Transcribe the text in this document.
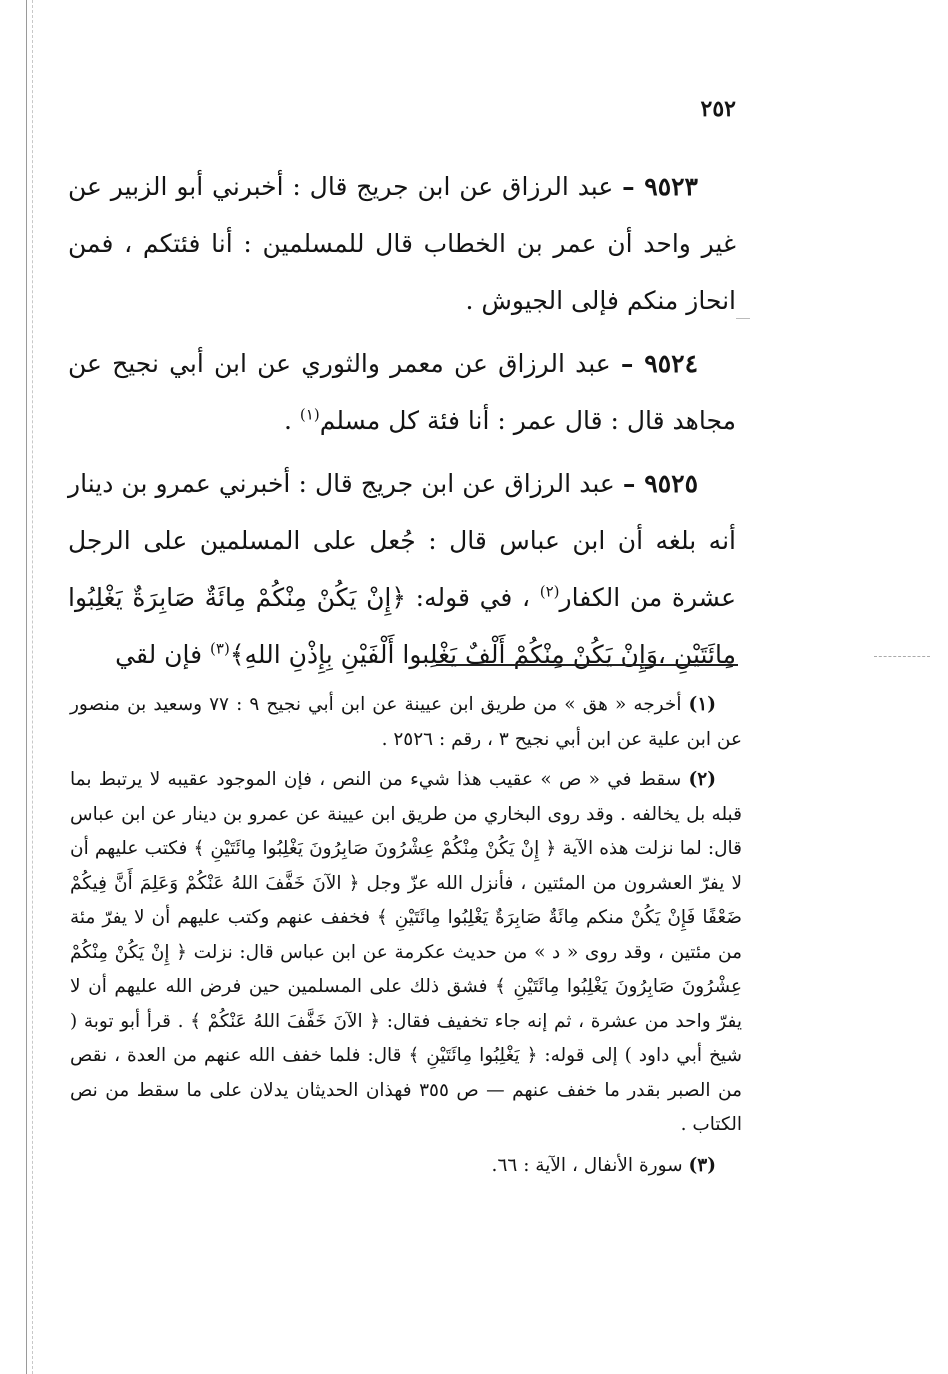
٢٥٢

٩٥٢٣ – عبد الرزاق عن ابن جريج قال : أخبرني أبو الزبير عن غير واحد أن عمر بن الخطاب قال للمسلمين : أنا فئتكم ، فمن انحاز منكم فإلى الجيوش .

٩٥٢٤ – عبد الرزاق عن معمر والثوري عن ابن أبي نجيح عن مجاهد قال : قال عمر : أنا فئة كل مسلم$^{(١)}$ .

٩٥٢٥ – عبد الرزاق عن ابن جريج قال : أخبرني عمرو بن دينار أنه بلغه أن ابن عباس قال : جُعل على المسلمين على الرجل عشرة من الكفار$^{(٢)}$ ، في قوله: ﴿إِنْ يَكُنْ مِنْكُمْ مِائَةٌ صَابِرَةٌ يَغْلِبُوا مِائَتَيْنِ ،وَإِنْ يَكُنْ مِنْكُمْ أَلْفٌ يَغْلِبوا أَلْفَيْنِ بِإِذْنِ اللهِ﴾$^{(٣)}$ فإن لقي

(١) أخرجه « هق » من طريق ابن عيينة عن ابن أبي نجيح ٩ : ٧٧ وسعيد بن منصور عن ابن علية عن ابن أبي نجيح ٣ ، رقم : ٢٥٢٦ .

(٢) سقط في « ص » عقيب هذا شيء من النص ، فإن الموجود عقيبه لا يرتبط بما قبله بل يخالفه . وقد روى البخاري من طريق ابن عيينة عن عمرو بن دينار عن ابن عباس قال: لما نزلت هذه الآية ﴿ إِنْ يَكُنْ مِنْكُمْ عِشْرُونَ صَابِرُونَ يَغْلِبُوا مِائَتَيْنِ ﴾ فكتب عليهم أن لا يفرّ العشرون من المئتين ، فأنزل الله عزّ وجل ﴿ الآنَ خَفَّفَ اللهُ عَنْكُمْ وَعَلِمَ أَنَّ فِيكُمْ ضَعْفًا فَإِنْ يَكُنْ منكم مِائَةٌ صَابِرَةٌ يَغْلِبُوا مِائَتَيْنِ ﴾ فخفف عنهم وكتب عليهم أن لا يفرّ مئة من مئتين ، وقد روى « د » من حديث عكرمة عن ابن عباس قال: نزلت ﴿ إِنْ يَكُنْ مِنْكُمْ عِشْرُونَ صَابِرُونَ يَغْلِبُوا مِائَتَيْنِ ﴾ فشق ذلك على المسلمين حين فرض الله عليهم أن لا يفرّ واحد من عشرة ، ثم إنه جاء تخفيف فقال: ﴿ الآنَ خَفَّفَ اللهُ عَنْكُمْ ﴾ . قرأ أبو توبة ( شيخ أبي داود ) إلى قوله: ﴿ يَغْلِبُوا مِائَتَيْنِ ﴾ قال: فلما خفف الله عنهم من العدة ، نقص من الصبر بقدر ما خفف عنهم — ص ٣٥٥ فهذان الحديثان يدلان على ما سقط من نص الكتاب .

(٣) سورة الأنفال ، الآية : ٦٦.
